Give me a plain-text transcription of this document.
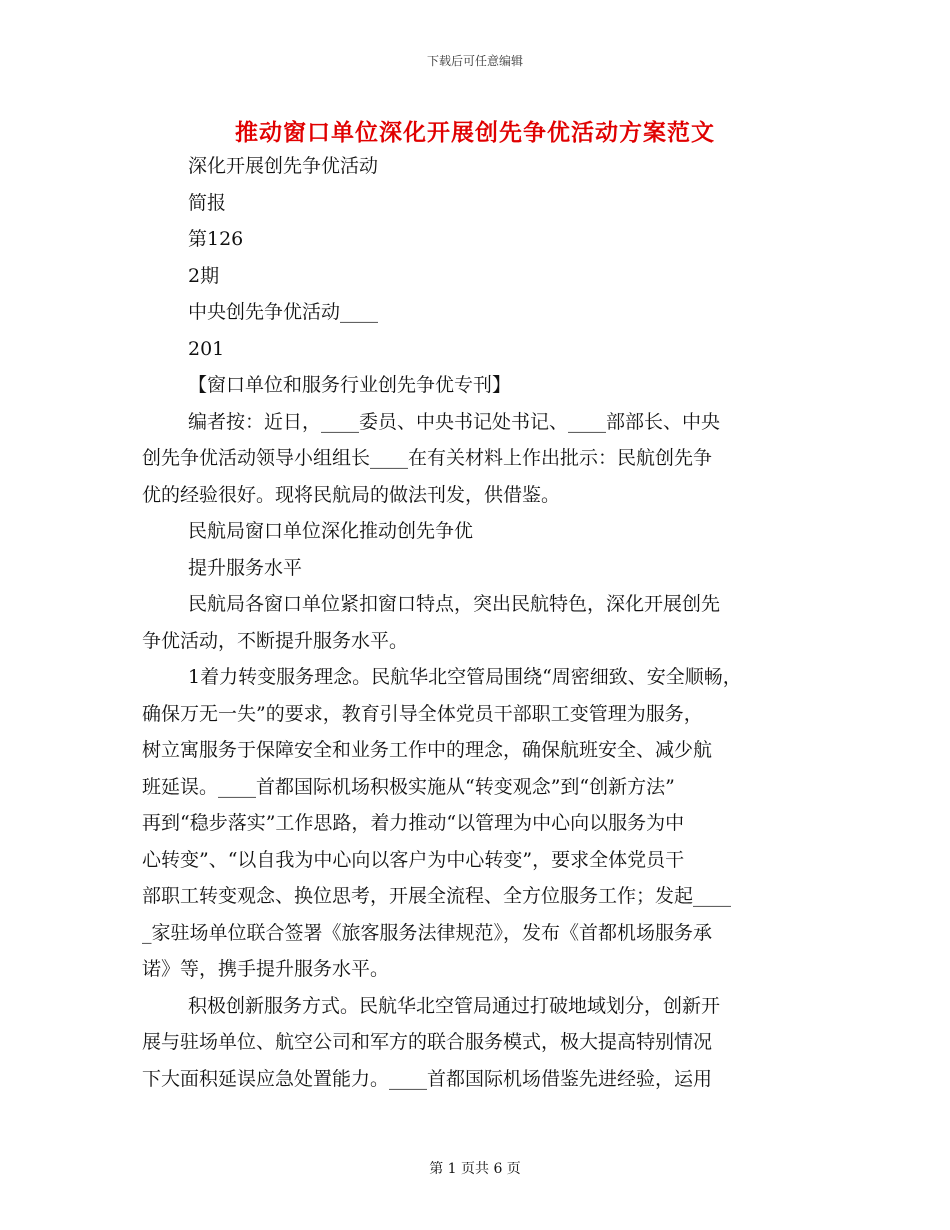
下载后可任意编辑
推动窗口单位深化开展创先争优活动方案范文
深化开展创先争优活动
简报
第126
2期
中央创先争优活动____
201
【窗口单位和服务行业创先争优专刊】
编者按：近日，____委员、中央书记处书记、____部部长、中央
创先争优活动领导小组组长____在有关材料上作出批示：民航创先争
优的经验很好。现将民航局的做法刊发，供借鉴。
民航局窗口单位深化推动创先争优
提升服务水平
民航局各窗口单位紧扣窗口特点，突出民航特色，深化开展创先
争优活动，不断提升服务水平。
1着力转变服务理念。民航华北空管局围绕“周密细致、安全顺畅，
确保万无一失”的要求，教育引导全体党员干部职工变管理为服务，
树立寓服务于保障安全和业务工作中的理念，确保航班安全、减少航
班延误。____首都国际机场积极实施从“转变观念”到“创新方法”
再到“稳步落实”工作思路，着力推动“以管理为中心向以服务为中
心转变”、“以自我为中心向以客户为中心转变”，要求全体党员干
部职工转变观念、换位思考，开展全流程、全方位服务工作；发起____
_家驻场单位联合签署《旅客服务法律规范》，发布《首都机场服务承
诺》等，携手提升服务水平。
积极创新服务方式。民航华北空管局通过打破地域划分，创新开
展与驻场单位、航空公司和军方的联合服务模式，极大提高特别情况
下大面积延误应急处置能力。____首都国际机场借鉴先进经验，运用
第 1 页共 6 页
